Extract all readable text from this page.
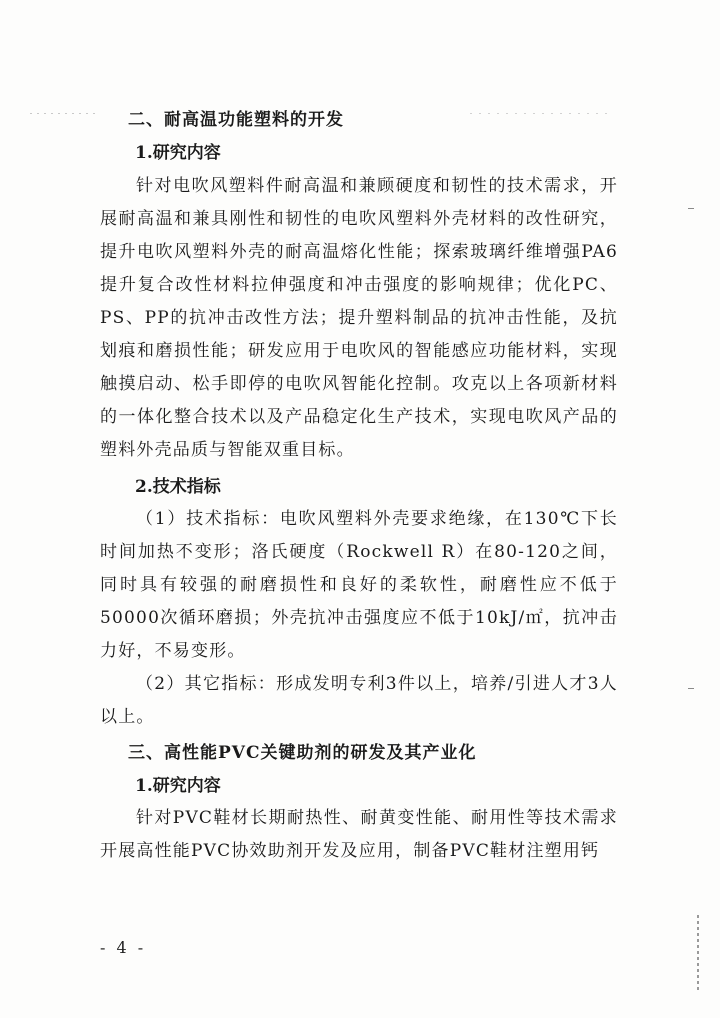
二、耐高温功能塑料的开发
1.研究内容

针对电吹风塑料件耐高温和兼顾硬度和韧性的技术需求，开展耐高温和兼具刚性和韧性的电吹风塑料外壳材料的改性研究，提升电吹风塑料外壳的耐高温熔化性能；探索玻璃纤维增强PA6提升复合改性材料拉伸强度和冲击强度的影响规律；优化PC、PS、PP的抗冲击改性方法；提升塑料制品的抗冲击性能，及抗划痕和磨损性能；研发应用于电吹风的智能感应功能材料，实现触摸启动、松手即停的电吹风智能化控制。攻克以上各项新材料的一体化整合技术以及产品稳定化生产技术，实现电吹风产品的塑料外壳品质与智能双重目标。

2.技术指标

（1）技术指标：电吹风塑料外壳要求绝缘，在130℃下长时间加热不变形；洛氏硬度（Rockwell R）在80-120之间，同时具有较强的耐磨损性和良好的柔软性，耐磨性应不低于50000次循环磨损；外壳抗冲击强度应不低于10kJ/㎡，抗冲击力好，不易变形。

（2）其它指标：形成发明专利3件以上，培养/引进人才3人以上。

三、高性能PVC关键助剂的研发及其产业化
1.研究内容

针对PVC鞋材长期耐热性、耐黄变性能、耐用性等技术需求开展高性能PVC协效助剂开发及应用，制备PVC鞋材注塑用钙

- 4 -
